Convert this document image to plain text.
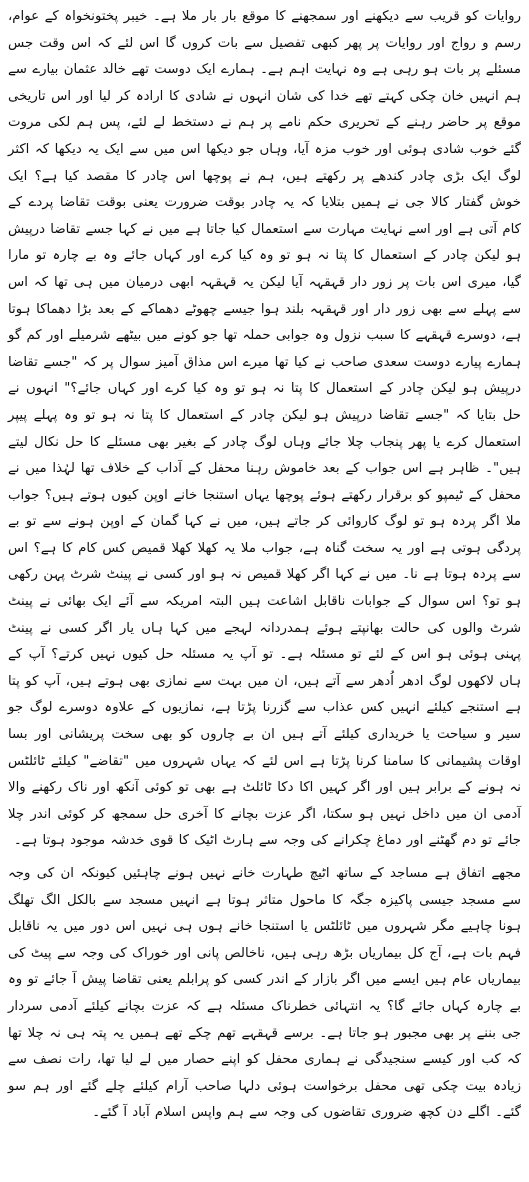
روایات کو قریب سے دیکھنے اور سمجھنے کا موقع بار بار ملا ہے۔ خیبر پختونخواہ کے عوام، رسم و رواج اور روایات پر پھر کبھی تفصیل سے بات کروں گا اس لئے کہ اس وقت جس مسئلے پر بات ہو رہی ہے وہ نہایت اہم ہے۔ ہمارے ایک دوست تھے خالد عثمان بیارے سے ہم انہیں خان چکی کہتے تھے خدا کی شان انہوں نے شادی کا ارادہ کر لیا اور اس تاریخی موقع پر حاضر رہنے کے تحریری حکم نامے پر ہم نے دستخط لے لئے، پس ہم لکی مروت گئے خوب شادی ہوئی اور خوب مزہ آیا، وہاں جو دیکھا اس میں سے ایک یہ دیکھا کہ اکثر لوگ ایک بڑی چادر کندھے پر رکھتے ہیں، ہم نے پوچھا اس چادر کا مقصد کیا ہے؟ ایک خوش گفتار کالا جی نے ہمیں بتلایا کہ یہ چادر بوقت ضرورت یعنی بوقت تقاضا پردے کے کام آتی ہے اور اسے نہایت مہارت سے استعمال کیا جاتا ہے میں نے کہا جسے تقاضا درپیش ہو لیکن چادر کے استعمال کا پتا نہ ہو تو وہ کیا کرے اور کہاں جائے وہ بے چارہ تو مارا گیا، میری اس بات پر زور دار قہقہہ آیا لیکن یہ قہقہہ ابھی درمیان میں ہی تھا کہ اس سے پہلے سے بھی زور دار اور قہقہہ بلند ہوا جیسے چھوٹے دھماکے کے بعد بڑا دھماکا ہوتا ہے، دوسرے قہقہے کا سبب نزول وہ جوابی حملہ تھا جو کونے میں بیٹھے شرمیلے اور کم گو ہمارے پیارے دوست سعدی صاحب نے کیا تھا میرے اس مذاق آمیز سوال پر کہ "جسے تقاضا درپیش ہو لیکن چادر کے استعمال کا پتا نہ ہو تو وہ کیا کرے اور کہاں جائے؟" انہوں نے حل بتایا کہ "جسے تقاضا درپیش ہو لیکن چادر کے استعمال کا پتا نہ ہو تو وہ پہلے پیپر استعمال کرے یا پھر پنجاب چلا جائے وہاں لوگ چادر کے بغیر بھی مسئلے کا حل نکال لیتے ہیں"۔ ظاہر ہے اس جواب کے بعد خاموش رہنا محفل کے آداب کے خلاف تھا لہٰذا میں نے محفل کے ٹیمپو کو برقرار رکھتے ہوئے پوچھا یہاں استنجا خانے اوپن کیوں ہوتے ہیں؟ جواب ملا اگر پردہ ہو تو لوگ کاروائی کر جاتے ہیں، میں نے کہا گمان کے اوپن ہونے سے تو بے پردگی ہوتی ہے اور یہ سخت گناہ ہے، جواب ملا یہ کھلا کھلا قمیص کس کام کا ہے؟ اس سے پردہ ہوتا ہے نا۔ میں نے کہا اگر کھلا قمیص نہ ہو اور کسی نے پینٹ شرٹ پہن رکھی ہو تو؟ اس سوال کے جوابات ناقابل اشاعت ہیں البتہ امریکہ سے آئے ایک بھائی نے پینٹ شرٹ والوں کی حالت بھانپتے ہوئے ہمدردانہ لہجے میں کہا ہاں یار اگر کسی نے پینٹ پہنی ہوئی ہو اس کے لئے تو مسئلہ ہے۔ تو آپ یہ مسئلہ حل کیوں نہیں کرتے؟ آپ کے ہاں لاکھوں لوگ ادھر اُدھر سے آتے ہیں، ان میں بہت سے نمازی بھی ہوتے ہیں، آپ کو پتا ہے استنجے کیلئے انہیں کس عذاب سے گزرنا پڑتا ہے، نمازیوں کے علاوہ دوسرے لوگ جو سیر و سیاحت یا خریداری کیلئے آتے ہیں ان بے چاروں کو بھی سخت پریشانی اور بسا اوقات پشیمانی کا سامنا کرنا پڑتا ہے اس لئے کہ یہاں شہروں میں "تقاضے" کیلئے ٹائلٹس نہ ہونے کے برابر ہیں اور اگر کہیں اکا دکا ٹائلٹ ہے بھی تو کوئی آنکھ اور ناک رکھنے والا آدمی ان میں داخل نہیں ہو سکتا، اگر عزت بچانے کا آخری حل سمجھ کر کوئی اندر چلا جائے تو دم گھٹنے اور دماغ چکرانے کی وجہ سے ہارٹ اٹیک کا قوی خدشہ موجود ہوتا ہے۔

مجھے اتفاق ہے مساجد کے ساتھ اٹیچ طہارت خانے نہیں ہونے چاہئیں کیونکہ ان کی وجہ سے مسجد جیسی پاکیزہ جگہ کا ماحول متاثر ہوتا ہے انہیں مسجد سے بالکل الگ تھلگ ہونا چاہیے مگر شہروں میں ٹائلٹس یا استنجا خانے ہوں ہی نہیں اس دور میں یہ ناقابل فہم بات ہے، آج کل بیماریاں بڑھ رہی ہیں، ناخالص پانی اور خوراک کی وجہ سے پیٹ کی بیماریاں عام ہیں ایسے میں اگر بازار کے اندر کسی کو پرابلم یعنی تقاضا پیش آ جائے تو وہ بے چارہ کہاں جائے گا؟ یہ انتہائی خطرناک مسئلہ ہے کہ عزت بچانے کیلئے آدمی سردار جی بننے پر بھی مجبور ہو جاتا ہے۔ برسے قہقہے تھم چکے تھے ہمیں یہ پتہ ہی نہ چلا تھا کہ کب اور کیسے سنجیدگی نے ہماری محفل کو اپنے حصار میں لے لیا تھا، رات نصف سے زیادہ بیت چکی تھی محفل برخواست ہوئی دلہا صاحب آرام کیلئے چلے گئے اور ہم سو گئے۔ اگلے دن کچھ ضروری تقاضوں کی وجہ سے ہم واپس اسلام آباد آ گئے۔
